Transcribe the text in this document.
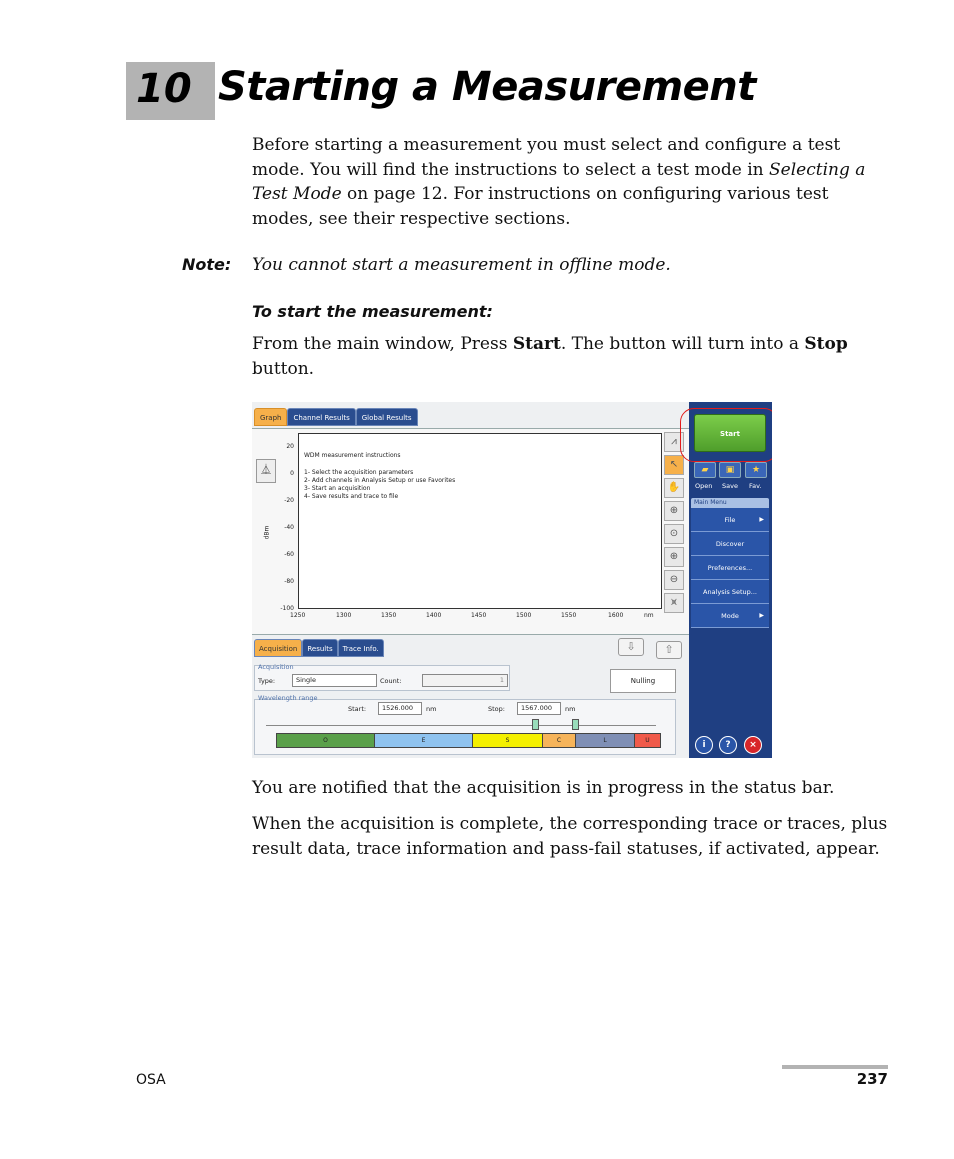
10 Starting a Measurement
Before starting a measurement you must select and configure a test mode. You will find the instructions to select a test mode in Selecting a Test Mode on page 12. For instructions on configuring various test modes, see their respective sections.
Note: You cannot start a measurement in offline mode.
To start the measurement:
From the main window, Press Start. The button will turn into a Stop button.
Graph	Channel Results	Global Results
⏅
dBm
20
0
-20
-40
-60
-80
-100
WDM measurement instructions
1- Select the acquisition parameters
2- Add channels in Analysis Setup or use Favorites
3- Start an acquisition
4- Save results and trace to file
1250	1300	1350	1400	1450	1500	1550	1600	nm
⩘
↖
✋
⊕
⊙
⊕
⊖
⩙
Start
▰	▣	★
Open Save Fav.
Main Menu
File	▶
Discover
Preferences...
Analysis Setup...
Mode	▶
i	?	×
Acquisition	Results	Trace Info.	⇩	⇧
Acquisition
Type:	Single	Count:	1	Nulling
Wavelength range
Start:	1526.000	nm	Stop:	1567.000	nm
O	E	S	C	L	U
You are notified that the acquisition is in progress in the status bar.
When the acquisition is complete, the corresponding trace or traces, plus result data, trace information and pass-fail statuses, if activated, appear.
OSA	237
